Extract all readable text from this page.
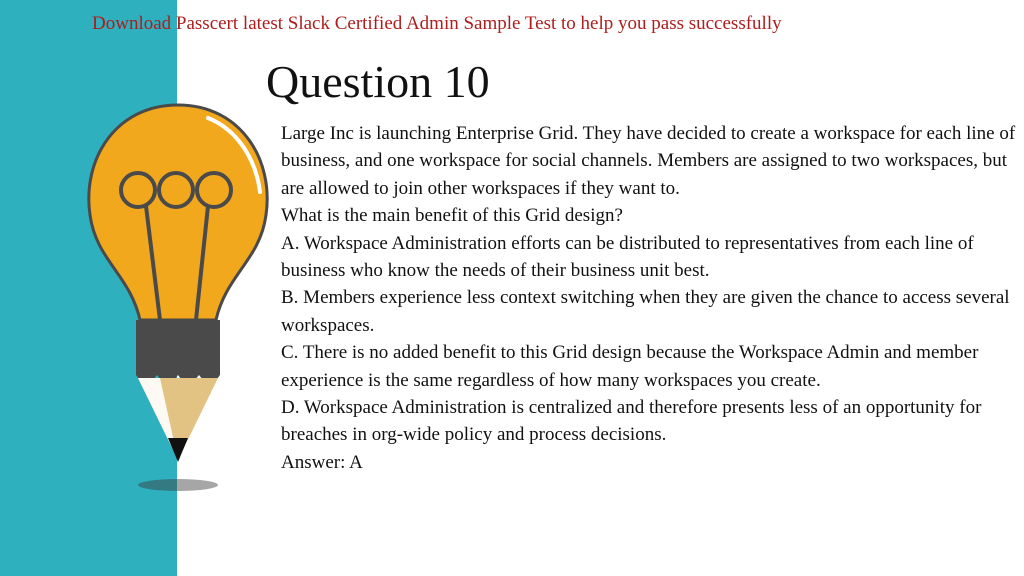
Download Passcert latest Slack Certified Admin Sample Test to help you pass successfully
Question 10

Large Inc is launching Enterprise Grid. They have decided to create a workspace for each line of business, and one workspace for social channels. Members are assigned to two workspaces, but are allowed to join other workspaces if they want to.

What is the main benefit of this Grid design?

A. Workspace Administration efforts can be distributed to representatives from each line of business who know the needs of their business unit best.

B. Members experience less context switching when they are given the chance to access several workspaces.

C. There is no added benefit to this Grid design because the Workspace Admin and member experience is the same regardless of how many workspaces you create.

D. Workspace Administration is centralized and therefore presents less of an opportunity for breaches in org-wide policy and process decisions.

Answer: A
